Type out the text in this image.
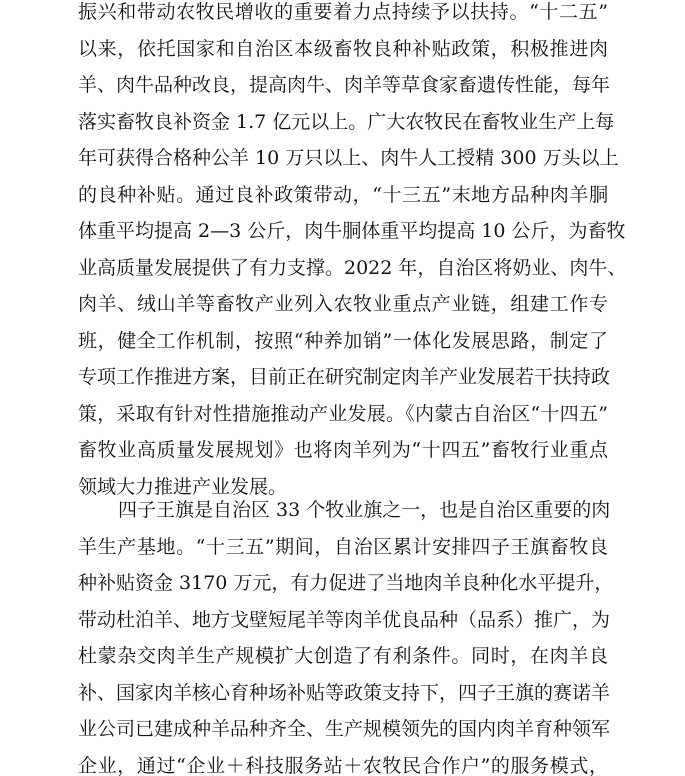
振兴和带动农牧民增收的重要着力点持续予以扶持。“十二五”
以来，依托国家和自治区本级畜牧良种补贴政策，积极推进肉
羊、肉牛品种改良，提高肉牛、肉羊等草食家畜遗传性能，每年
落实畜牧良补资金 1.7 亿元以上。广大农牧民在畜牧业生产上每
年可获得合格种公羊 10 万只以上、肉牛人工授精 300 万头以上
的良种补贴。通过良补政策带动，“十三五”末地方品种肉羊胴
体重平均提高 2—3 公斤，肉牛胴体重平均提高 10 公斤，为畜牧
业高质量发展提供了有力支撑。2022 年，自治区将奶业、肉牛、
肉羊、绒山羊等畜牧产业列入农牧业重点产业链，组建工作专
班，健全工作机制，按照“种养加销”一体化发展思路，制定了
专项工作推进方案，目前正在研究制定肉羊产业发展若干扶持政
策，采取有针对性措施推动产业发展。《内蒙古自治区“十四五”
畜牧业高质量发展规划》也将肉羊列为“十四五”畜牧行业重点
领域大力推进产业发展。
四子王旗是自治区 33 个牧业旗之一，也是自治区重要的肉
羊生产基地。“十三五”期间，自治区累计安排四子王旗畜牧良
种补贴资金 3170 万元，有力促进了当地肉羊良种化水平提升，
带动杜泊羊、地方戈壁短尾羊等肉羊优良品种（品系）推广，为
杜蒙杂交肉羊生产规模扩大创造了有利条件。同时，在肉羊良
补、国家肉羊核心育种场补贴等政策支持下，四子王旗的赛诺羊
业公司已建成种羊品种齐全、生产规模领先的国内肉羊育种领军
企业，通过“企业＋科技服务站＋农牧民合作户”的服务模式，
